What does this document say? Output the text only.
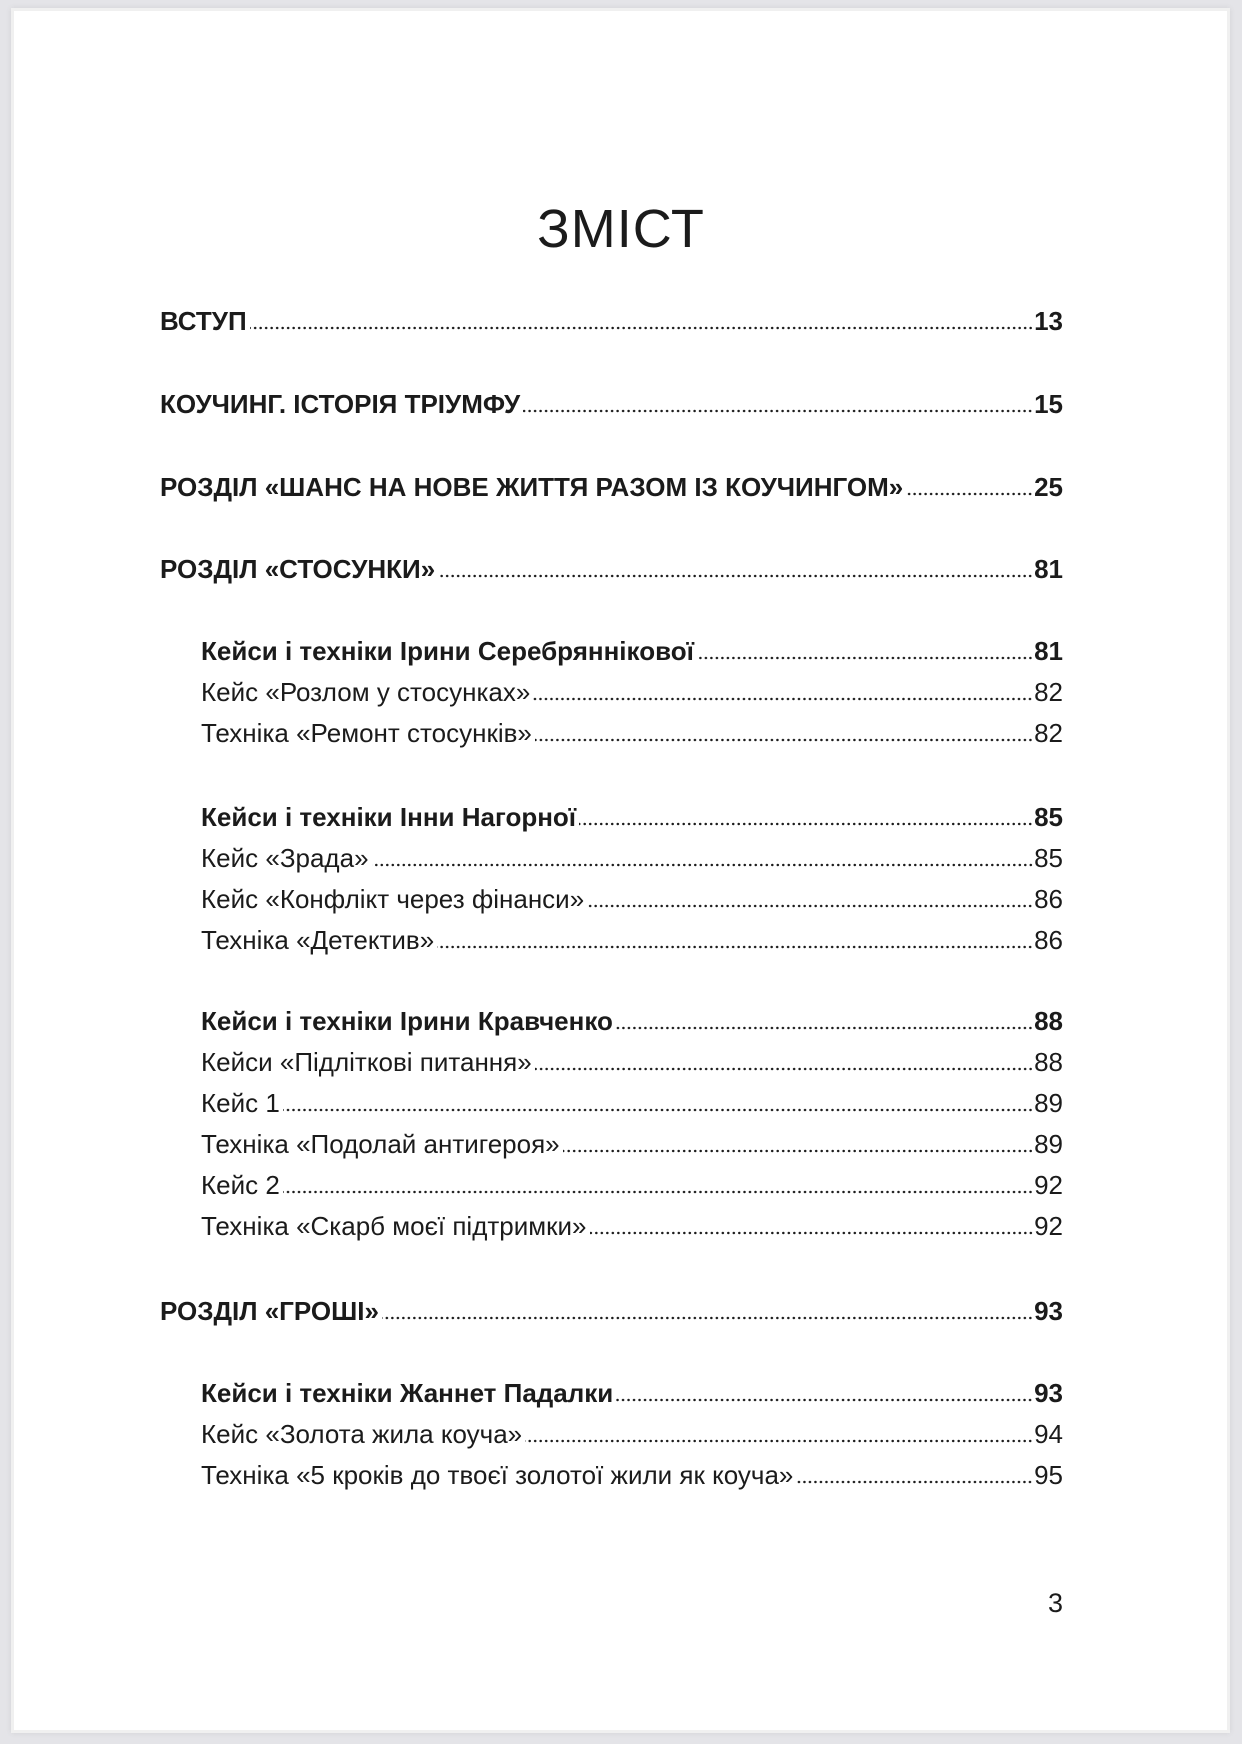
ЗМІСТ
ВСТУП	13
КОУЧИНГ. ІСТОРІЯ ТРІУМФУ	15
РОЗДІЛ «ШАНС НА НОВЕ ЖИТТЯ РАЗОМ ІЗ КОУЧИНГОМ»	25
РОЗДІЛ «СТОСУНКИ»	81
Кейси і техніки Ірини Серебряннікової	81
Кейс «Розлом у стосунках»	82
Техніка «Ремонт стосунків»	82
Кейси і техніки Інни Нагорної	85
Кейс «Зрада»	85
Кейс «Конфлікт через фінанси»	86
Техніка «Детектив»	86
Кейси і техніки Ірини Кравченко	88
Кейси «Підліткові питання»	88
Кейс 1	89
Техніка «Подолай антигероя»	89
Кейс 2	92
Техніка «Скарб моєї підтримки»	92
РОЗДІЛ «ГРОШІ»	93
Кейси і техніки Жаннет Падалки	93
Кейс «Золота жила коуча»	94
Техніка «5 кроків до твоєї золотої жили як коуча»	95
3
